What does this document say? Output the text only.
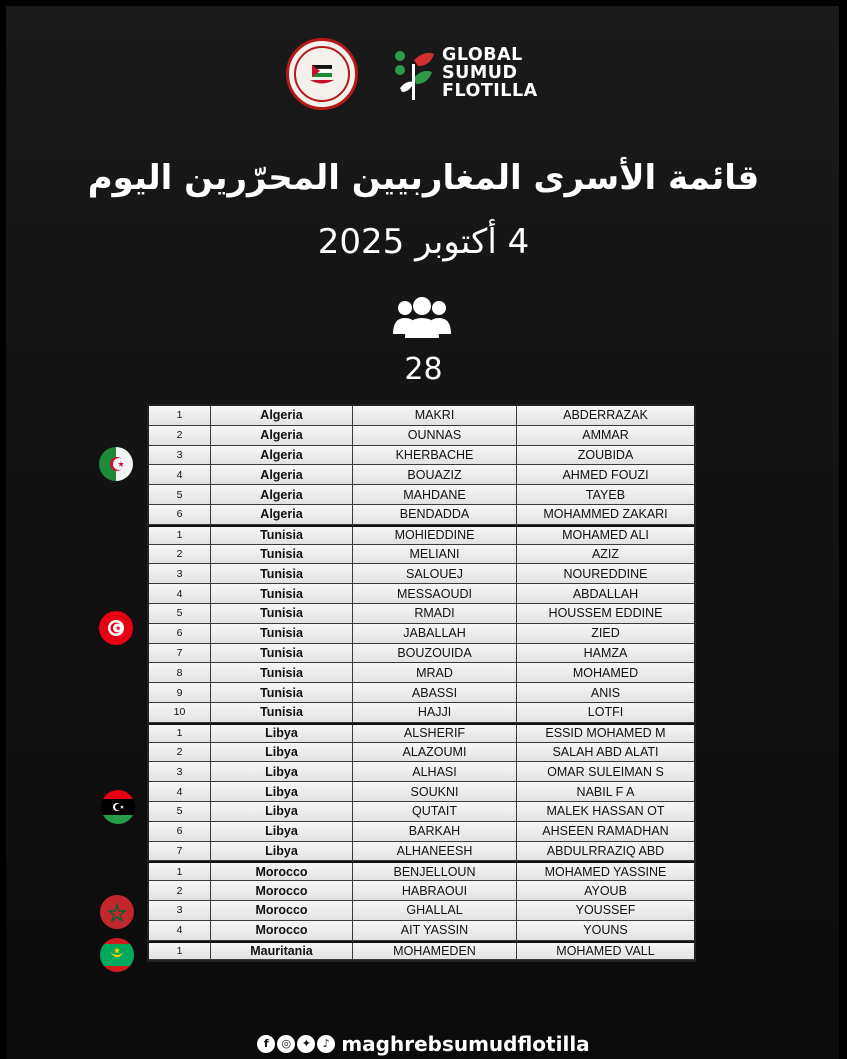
GLOBAL
SUMUD
FLOTILLA
قائمة الأسرى المغاربيين المحرّرين اليوم
4 أكتوبر 2025
28
1	Algeria	MAKRI	ABDERRAZAK
2	Algeria	OUNNAS	AMMAR
3	Algeria	KHERBACHE	ZOUBIDA
4	Algeria	BOUAZIZ	AHMED FOUZI
5	Algeria	MAHDANE	TAYEB
6	Algeria	BENDADDA	MOHAMMED ZAKARI
1	Tunisia	MOHIEDDINE	MOHAMED ALI
2	Tunisia	MELIANI	AZIZ
3	Tunisia	SALOUEJ	NOUREDDINE
4	Tunisia	MESSAOUDI	ABDALLAH
5	Tunisia	RMADI	HOUSSEM EDDINE
6	Tunisia	JABALLAH	ZIED
7	Tunisia	BOUZOUIDA	HAMZA
8	Tunisia	MRAD	MOHAMED
9	Tunisia	ABASSI	ANIS
10	Tunisia	HAJJI	LOTFI
1	Libya	ALSHERIF	ESSID MOHAMED M
2	Libya	ALAZOUMI	SALAH ABD ALATI
3	Libya	ALHASI	OMAR SULEIMAN S
4	Libya	SOUKNI	NABIL F A
5	Libya	QUTAIT	MALEK HASSAN OT
6	Libya	BARKAH	AHSEEN RAMADHAN
7	Libya	ALHANEESH	ABDULRRAZIQ ABD
1	Morocco	BENJELLOUN	MOHAMED YASSINE
2	Morocco	HABRAOUI	AYOUB
3	Morocco	GHALLAL	YOUSSEF
4	Morocco	AIT YASSIN	YOUNS
1	Mauritania	MOHAMEDEN	MOHAMED VALL
f ◎ ✦ ♪ maghrebsumudflotilla
